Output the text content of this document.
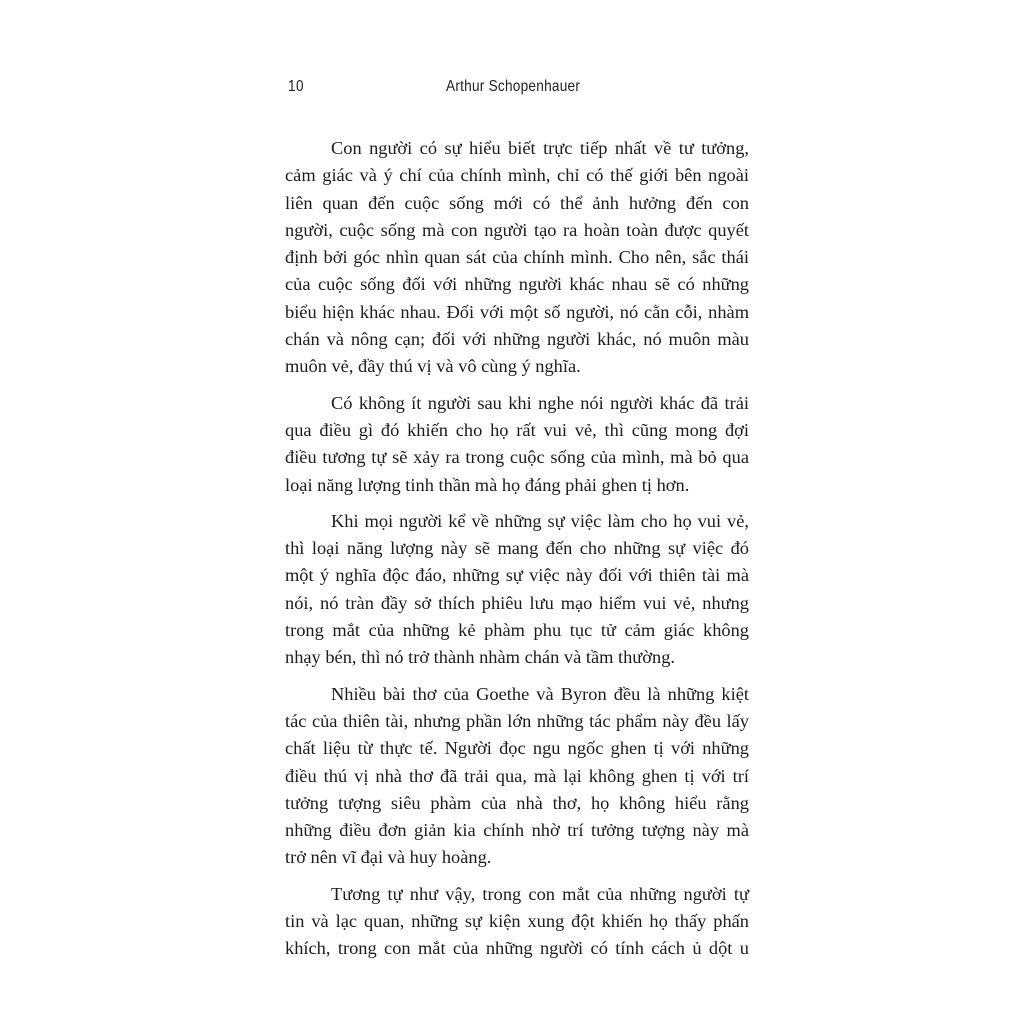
10	Arthur Schopenhauer
Con người có sự hiểu biết trực tiếp nhất về tư tưởng,
cảm giác và ý chí của chính mình, chỉ có thế giới bên ngoài
liên quan đến cuộc sống mới có thể ảnh hưởng đến con
người, cuộc sống mà con người tạo ra hoàn toàn được quyết
định bởi góc nhìn quan sát của chính mình. Cho nên, sắc thái
của cuộc sống đối với những người khác nhau sẽ có những
biểu hiện khác nhau. Đối với một số người, nó cằn cỗi, nhàm
chán và nông cạn; đối với những người khác, nó muôn màu
muôn vẻ, đầy thú vị và vô cùng ý nghĩa.
Có không ít người sau khi nghe nói người khác đã trải
qua điều gì đó khiến cho họ rất vui vẻ, thì cũng mong đợi
điều tương tự sẽ xảy ra trong cuộc sống của mình, mà bỏ qua
loại năng lượng tinh thần mà họ đáng phải ghen tị hơn.
Khi mọi người kể về những sự việc làm cho họ vui vẻ,
thì loại năng lượng này sẽ mang đến cho những sự việc đó
một ý nghĩa độc đáo, những sự việc này đối với thiên tài mà
nói, nó tràn đầy sở thích phiêu lưu mạo hiểm vui vẻ, nhưng
trong mắt của những kẻ phàm phu tục tử cảm giác không
nhạy bén, thì nó trở thành nhàm chán và tầm thường.
Nhiều bài thơ của Goethe và Byron đều là những kiệt
tác của thiên tài, nhưng phần lớn những tác phẩm này đều lấy
chất liệu từ thực tế. Người đọc ngu ngốc ghen tị với những
điều thú vị nhà thơ đã trải qua, mà lại không ghen tị với trí
tưởng tượng siêu phàm của nhà thơ, họ không hiểu rằng
những điều đơn giản kia chính nhờ trí tưởng tượng này mà
trở nên vĩ đại và huy hoàng.
Tương tự như vậy, trong con mắt của những người tự
tin và lạc quan, những sự kiện xung đột khiến họ thấy phấn
khích, trong con mắt của những người có tính cách ủ dột u
